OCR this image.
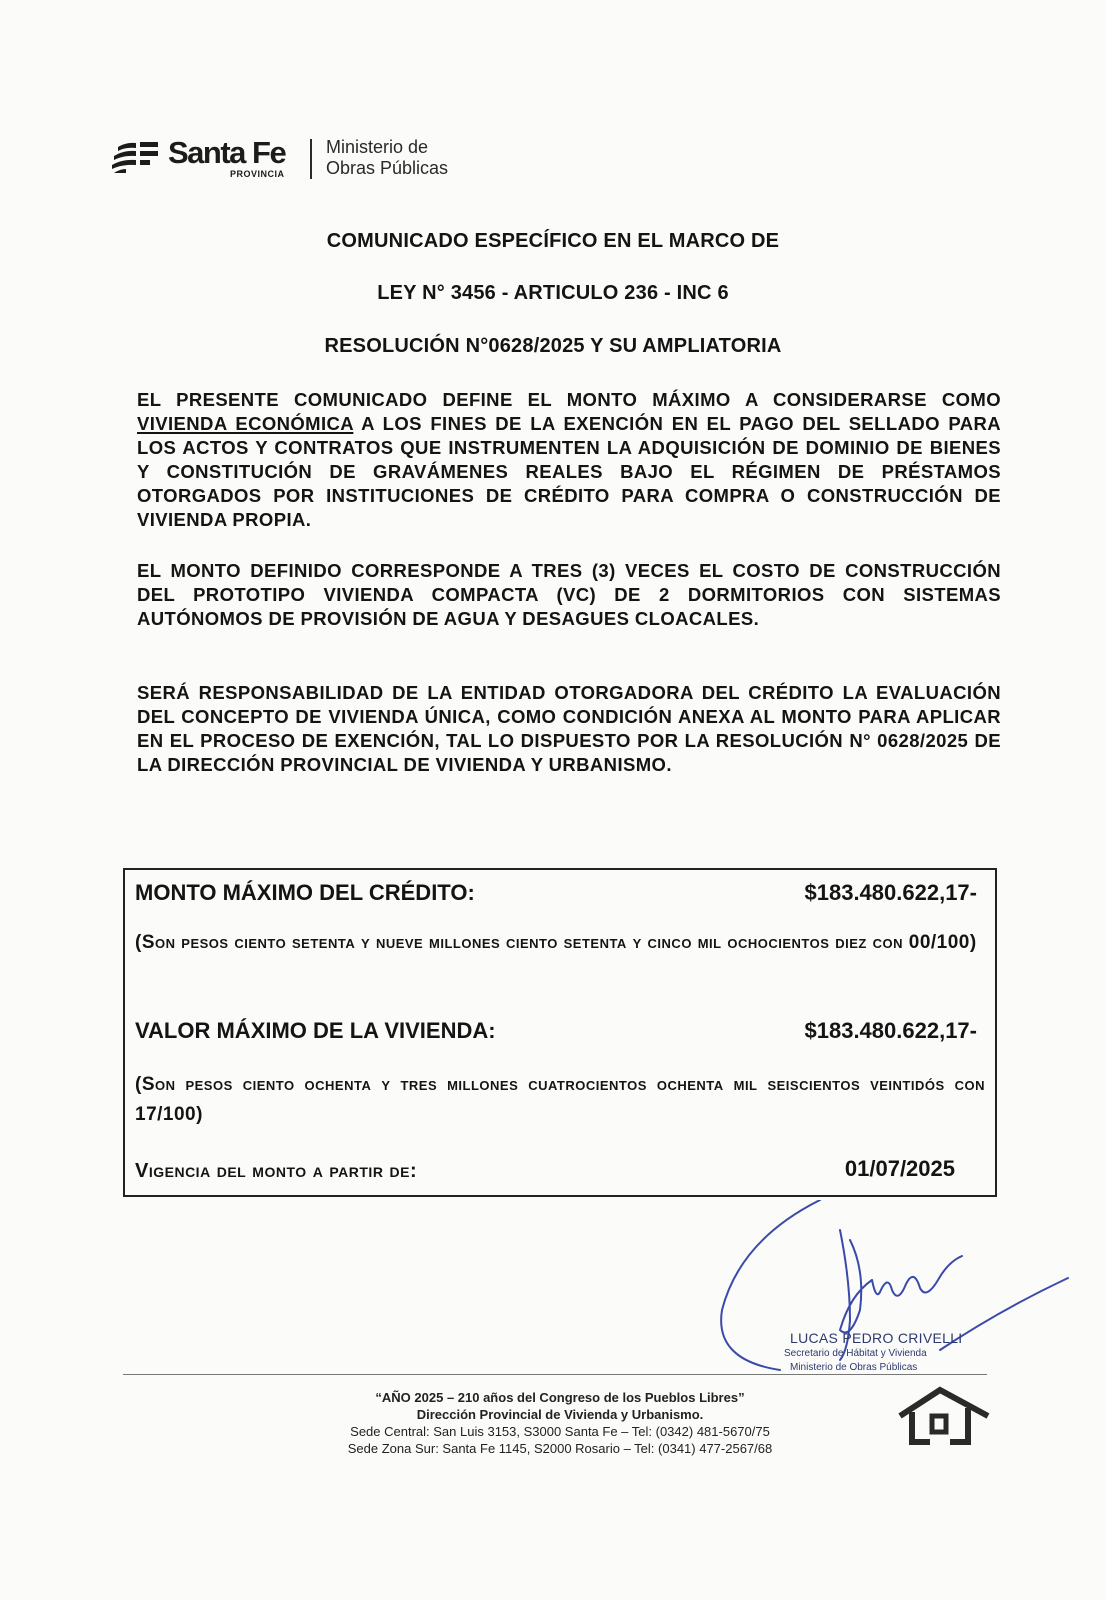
Santa Fe
PROVINCIA
Ministerio de
Obras Públicas
COMUNICADO ESPECÍFICO EN EL MARCO DE
LEY N° 3456 - ARTICULO 236 - INC 6
RESOLUCIÓN N°0628/2025 Y SU AMPLIATORIA
EL PRESENTE COMUNICADO DEFINE EL MONTO MÁXIMO A CONSIDERARSE COMO VIVIENDA ECONÓMICA A LOS FINES DE LA EXENCIÓN EN EL PAGO DEL SELLADO PARA LOS ACTOS Y CONTRATOS QUE INSTRUMENTEN LA ADQUISICIÓN DE DOMINIO DE BIENES Y CONSTITUCIÓN DE GRAVÁMENES REALES BAJO EL RÉGIMEN DE PRÉSTAMOS OTORGADOS POR INSTITUCIONES DE CRÉDITO PARA COMPRA O CONSTRUCCIÓN DE VIVIENDA PROPIA.
EL MONTO DEFINIDO CORRESPONDE A TRES (3) VECES EL COSTO DE CONSTRUCCIÓN DEL PROTOTIPO VIVIENDA COMPACTA (VC) DE 2 DORMITORIOS CON SISTEMAS AUTÓNOMOS DE PROVISIÓN DE AGUA Y DESAGUES CLOACALES.
SERÁ RESPONSABILIDAD DE LA ENTIDAD OTORGADORA DEL CRÉDITO LA EVALUACIÓN DEL CONCEPTO DE VIVIENDA ÚNICA, COMO CONDICIÓN ANEXA AL MONTO PARA APLICAR EN EL PROCESO DE EXENCIÓN, TAL LO DISPUESTO POR LA RESOLUCIÓN N° 0628/2025 DE LA DIRECCIÓN PROVINCIAL DE VIVIENDA Y URBANISMO.
MONTO MÁXIMO DEL CRÉDITO:	$183.480.622,17-
(Son pesos ciento setenta y nueve millones ciento setenta y cinco mil ochocientos diez con 00/100)
VALOR MÁXIMO DE LA VIVIENDA:	$183.480.622,17-
(Son pesos ciento ochenta y tres millones cuatrocientos ochenta mil seiscientos veintidós con 17/100)
Vigencia del monto a partir de:	01/07/2025
LUCAS PEDRO CRIVELLI
Secretario de Hábitat y Vivienda
Ministerio de Obras Públicas
“AÑO 2025 – 210 años del Congreso de los Pueblos Libres”
Dirección Provincial de Vivienda y Urbanismo.
Sede Central: San Luis 3153, S3000 Santa Fe – Tel: (0342) 481-5670/75
Sede Zona Sur: Santa Fe 1145, S2000 Rosario – Tel: (0341) 477-2567/68
